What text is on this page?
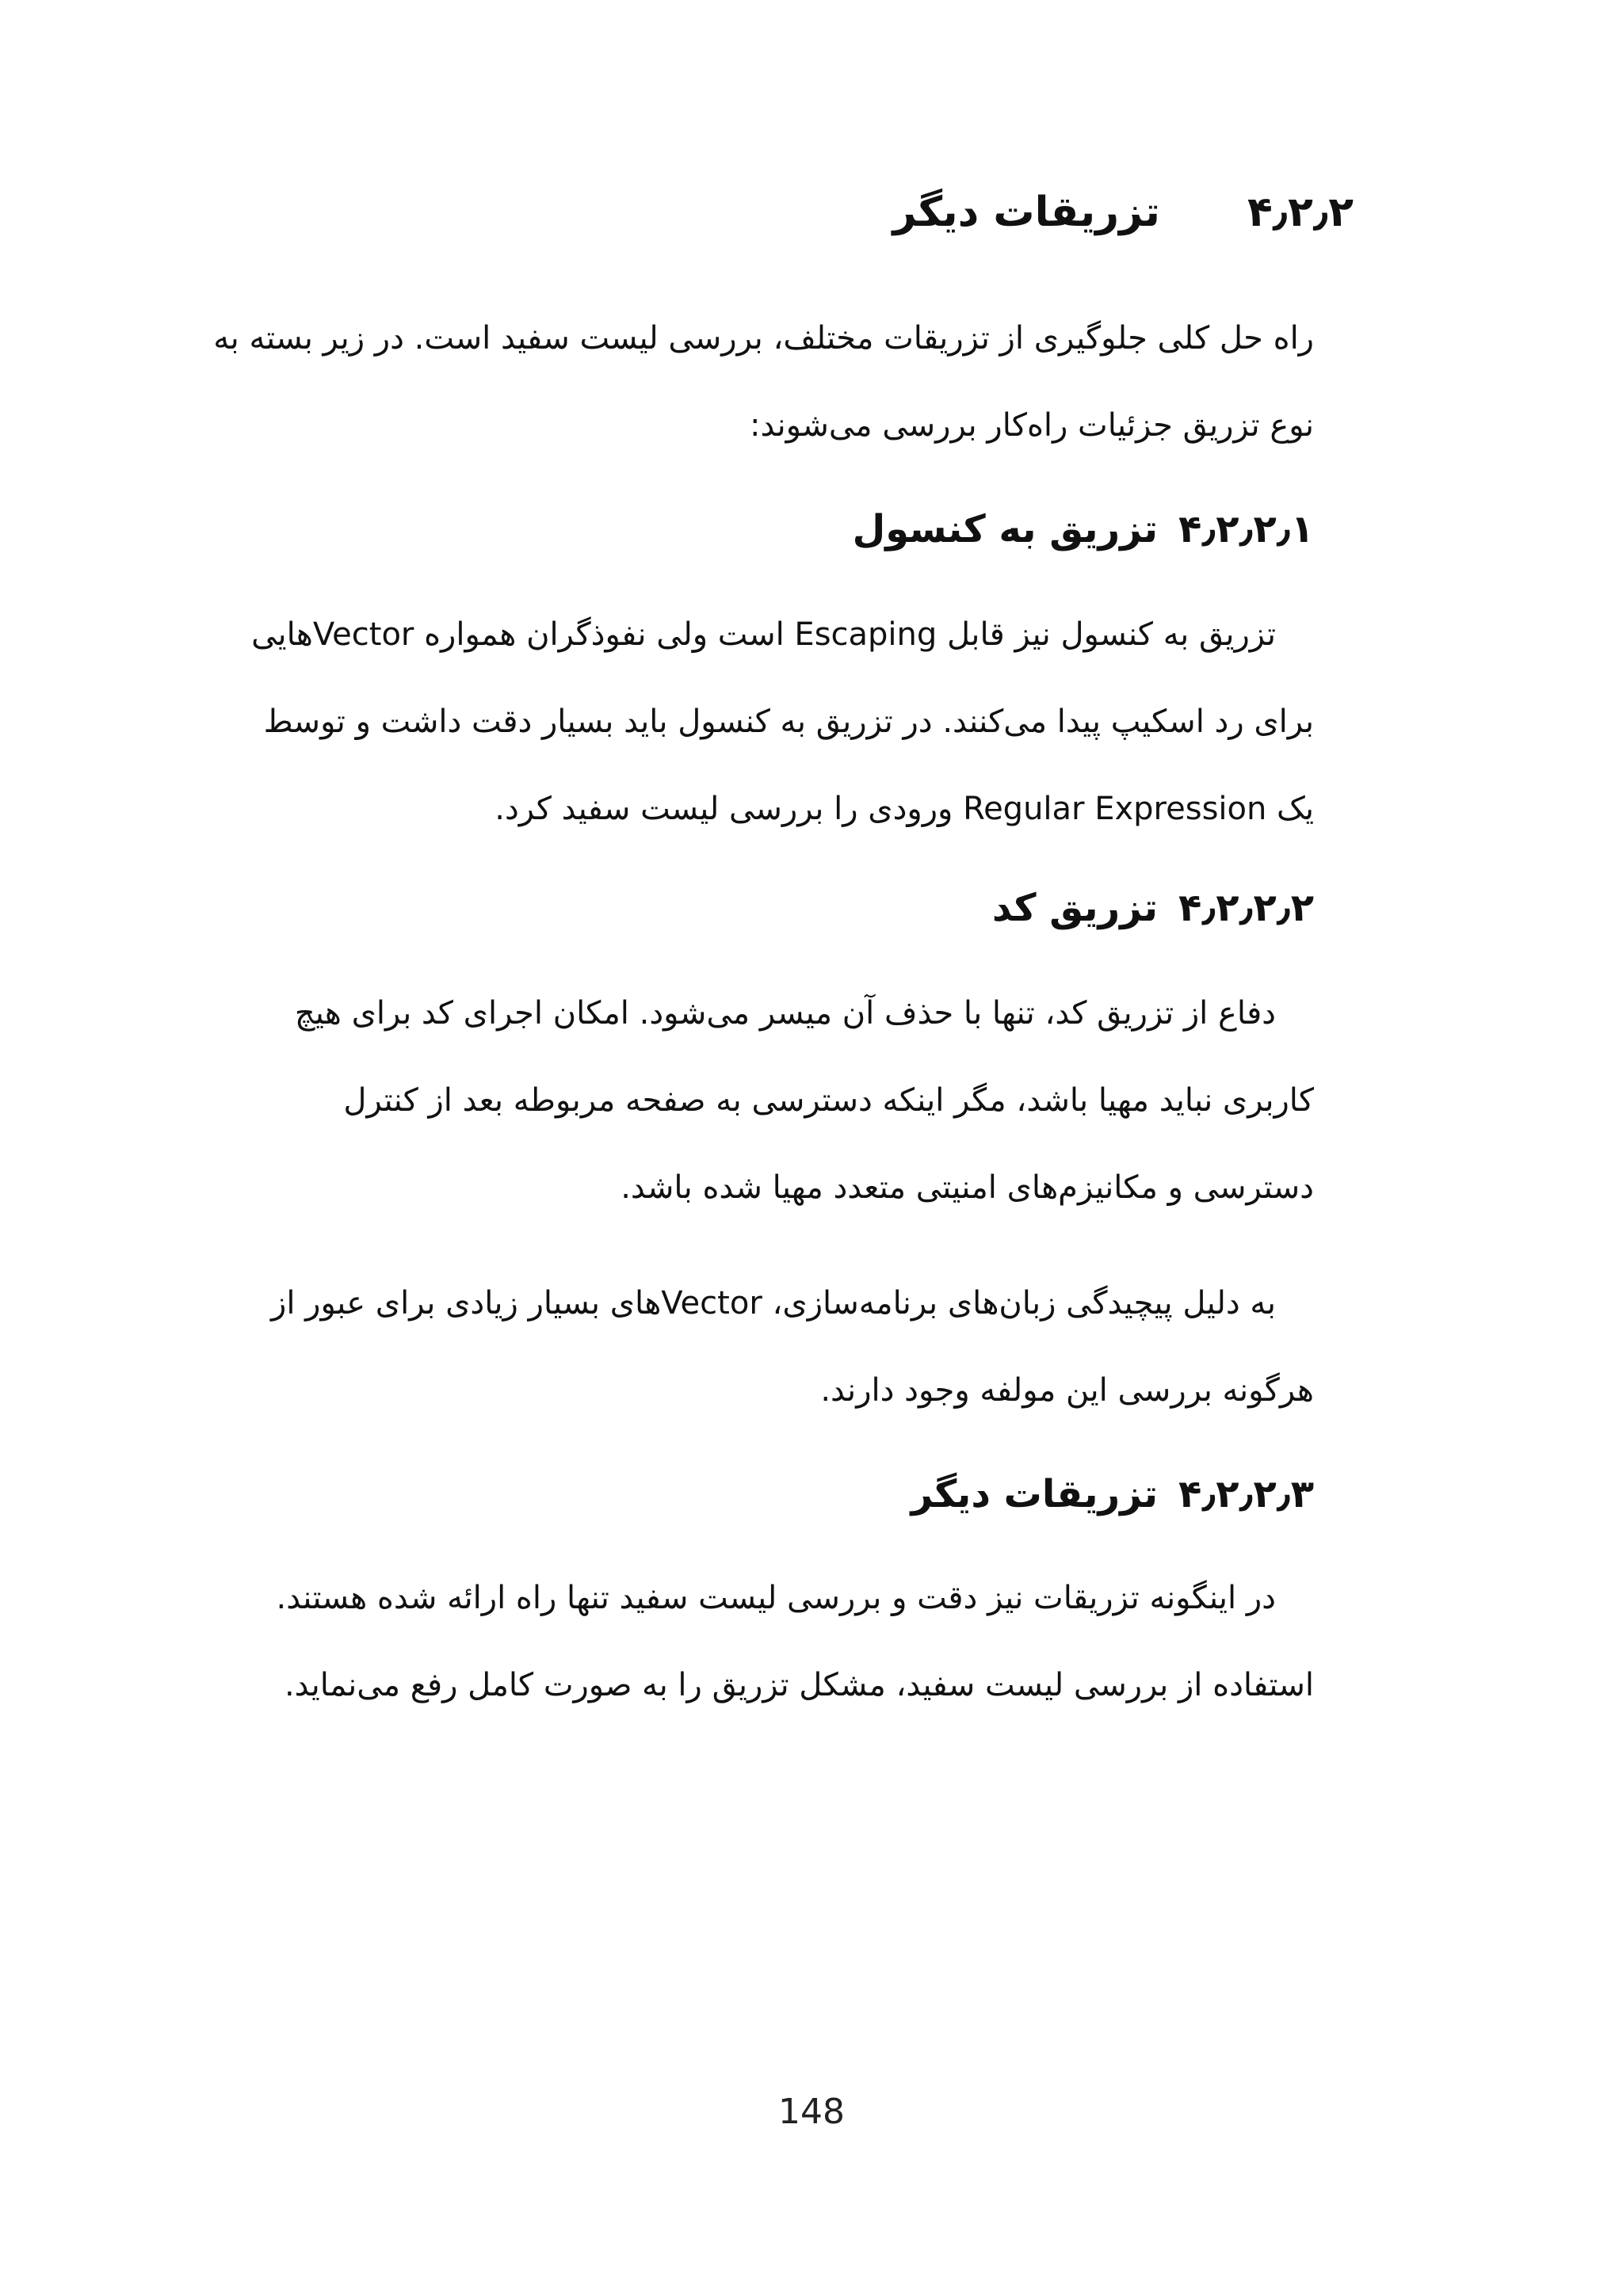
۴٫۲٫۲
تزریقات دیگر
راه حل کلی جلوگیری از تزریقات مختلف، بررسی لیست سفید است. در زیر بسته به
نوع تزریق جزئیات راه‌کار بررسی می‌شوند:
۴٫۲٫۲٫۱
تزریق به کنسول
تزریق به کنسول نیز قابل Escaping است ولی نفوذگران همواره Vectorهایی
برای رد اسکیپ پیدا می‌کنند. در تزریق به کنسول باید بسیار دقت داشت و توسط
یک Regular Expression ورودی را بررسی لیست سفید کرد.
۴٫۲٫۲٫۲
تزریق کد
دفاع از تزریق کد، تنها با حذف آن میسر می‌شود. امکان اجرای کد برای هیچ
کاربری نباید مهیا باشد، مگر اینکه دسترسی به صفحه مربوطه بعد از کنترل
دسترسی و مکانیزم‌های امنیتی متعدد مهیا شده باشد.
به دلیل پیچیدگی زبان‌های برنامه‌سازی، Vectorهای بسیار زیادی برای عبور از
هرگونه بررسی این مولفه وجود دارند.
۴٫۲٫۲٫۳
تزریقات دیگر
در اینگونه تزریقات نیز دقت و بررسی لیست سفید تنها راه ارائه شده هستند.
استفاده از بررسی لیست سفید، مشکل تزریق را به صورت کامل رفع می‌نماید.
148
